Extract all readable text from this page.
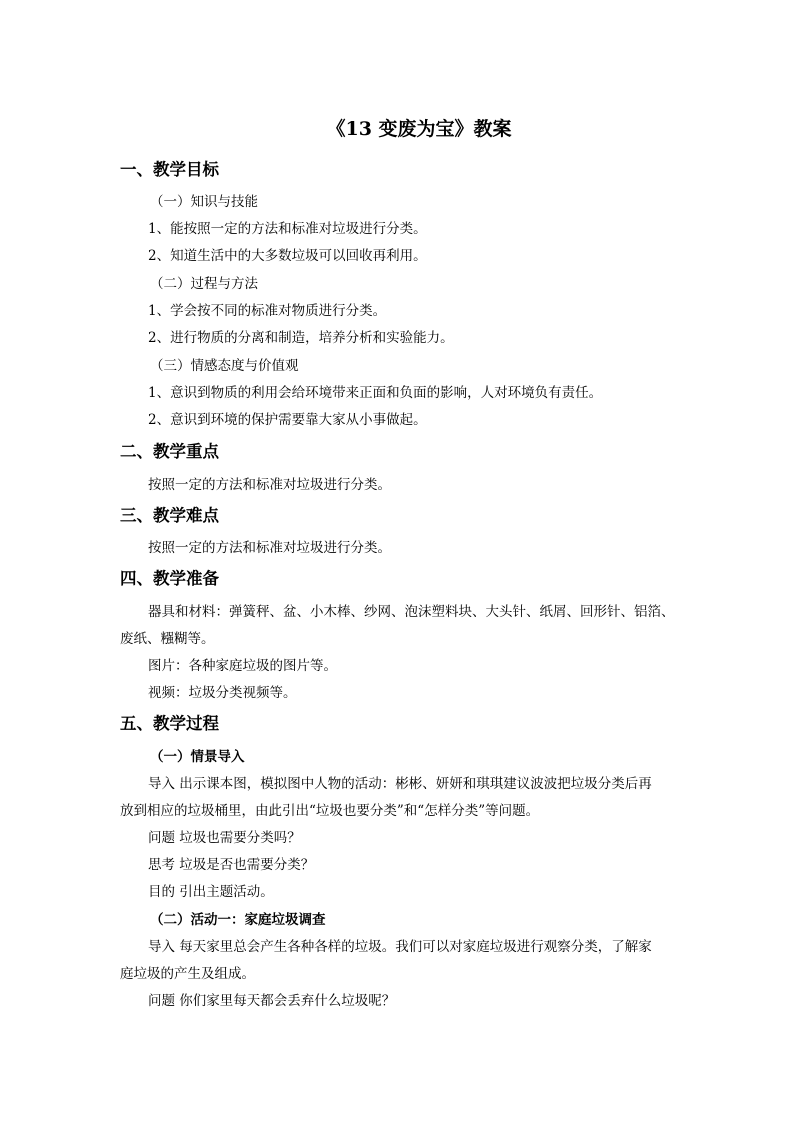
《13 变废为宝》教案
一、教学目标
（一）知识与技能
1、能按照一定的方法和标准对垃圾进行分类。
2、知道生活中的大多数垃圾可以回收再利用。
（二）过程与方法
1、学会按不同的标准对物质进行分类。
2、进行物质的分离和制造，培养分析和实验能力。
（三）情感态度与价值观
1、意识到物质的利用会给环境带来正面和负面的影响，人对环境负有责任。
2、意识到环境的保护需要靠大家从小事做起。
二、教学重点
按照一定的方法和标准对垃圾进行分类。
三、教学难点
按照一定的方法和标准对垃圾进行分类。
四、教学准备
器具和材料：弹簧秤、盆、小木棒、纱网、泡沫塑料块、大头针、纸屑、回形针、铝箔、
废纸、糨糊等。
图片：各种家庭垃圾的图片等。
视频：垃圾分类视频等。
五、教学过程
（一）情景导入
导入 出示课本图，模拟图中人物的活动：彬彬、妍妍和琪琪建议波波把垃圾分类后再
放到相应的垃圾桶里，由此引出“垃圾也要分类”和“怎样分类”等问题。
问题 垃圾也需要分类吗？
思考 垃圾是否也需要分类？
目的 引出主题活动。
（二）活动一：家庭垃圾调查
导入 每天家里总会产生各种各样的垃圾。我们可以对家庭垃圾进行观察分类，了解家
庭垃圾的产生及组成。
问题 你们家里每天都会丢弃什么垃圾呢？
